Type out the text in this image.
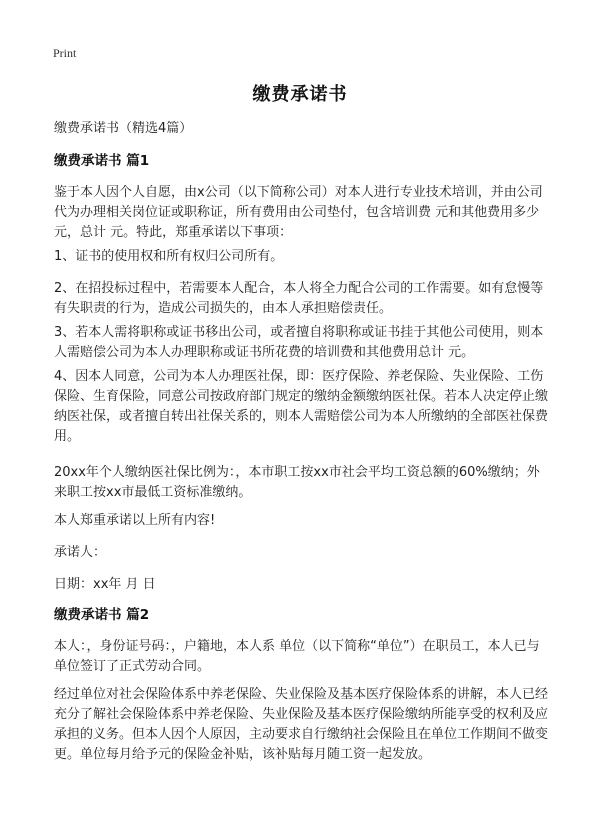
Print
缴费承诺书
缴费承诺书（精选4篇）
缴费承诺书 篇1
鉴于本人因个人自愿，由x公司（以下简称公司）对本人进行专业技术培训，并由公司代为办理相关岗位证或职称证，所有费用由公司垫付，包含培训费 元和其他费用多少 元，总计 元。特此，郑重承诺以下事项：
1、证书的使用权和所有权归公司所有。
2、在招投标过程中，若需要本人配合，本人将全力配合公司的工作需要。如有怠慢等有失职责的行为，造成公司损失的，由本人承担赔偿责任。
3、若本人需将职称或证书移出公司，或者擅自将职称或证书挂于其他公司使用，则本人需赔偿公司为本人办理职称或证书所花费的培训费和其他费用总计 元。
4、因本人同意，公司为本人办理医社保，即：医疗保险、养老保险、失业保险、工伤保险、生育保险，同意公司按政府部门规定的缴纳金额缴纳医社保。若本人决定停止缴纳医社保，或者擅自转出社保关系的，则本人需赔偿公司为本人所缴纳的全部医社保费用。
20xx年个人缴纳医社保比例为：，本市职工按xx市社会平均工资总额的60%缴纳；外来职工按xx市最低工资标准缴纳。
本人郑重承诺以上所有内容!
承诺人：
日期：xx年 月 日
缴费承诺书 篇2
本人：，身份证号码：，户籍地，本人系 单位（以下简称“单位”）在职员工，本人已与单位签订了正式劳动合同。
经过单位对社会保险体系中养老保险、失业保险及基本医疗保险体系的讲解，本人已经充分了解社会保险体系中养老保险、失业保险及基本医疗保险缴纳所能享受的权利及应承担的义务。但本人因个人原因，主动要求自行缴纳社会保险且在单位工作期间不做变更。单位每月给予元的保险金补贴，该补贴每月随工资一起发放。
